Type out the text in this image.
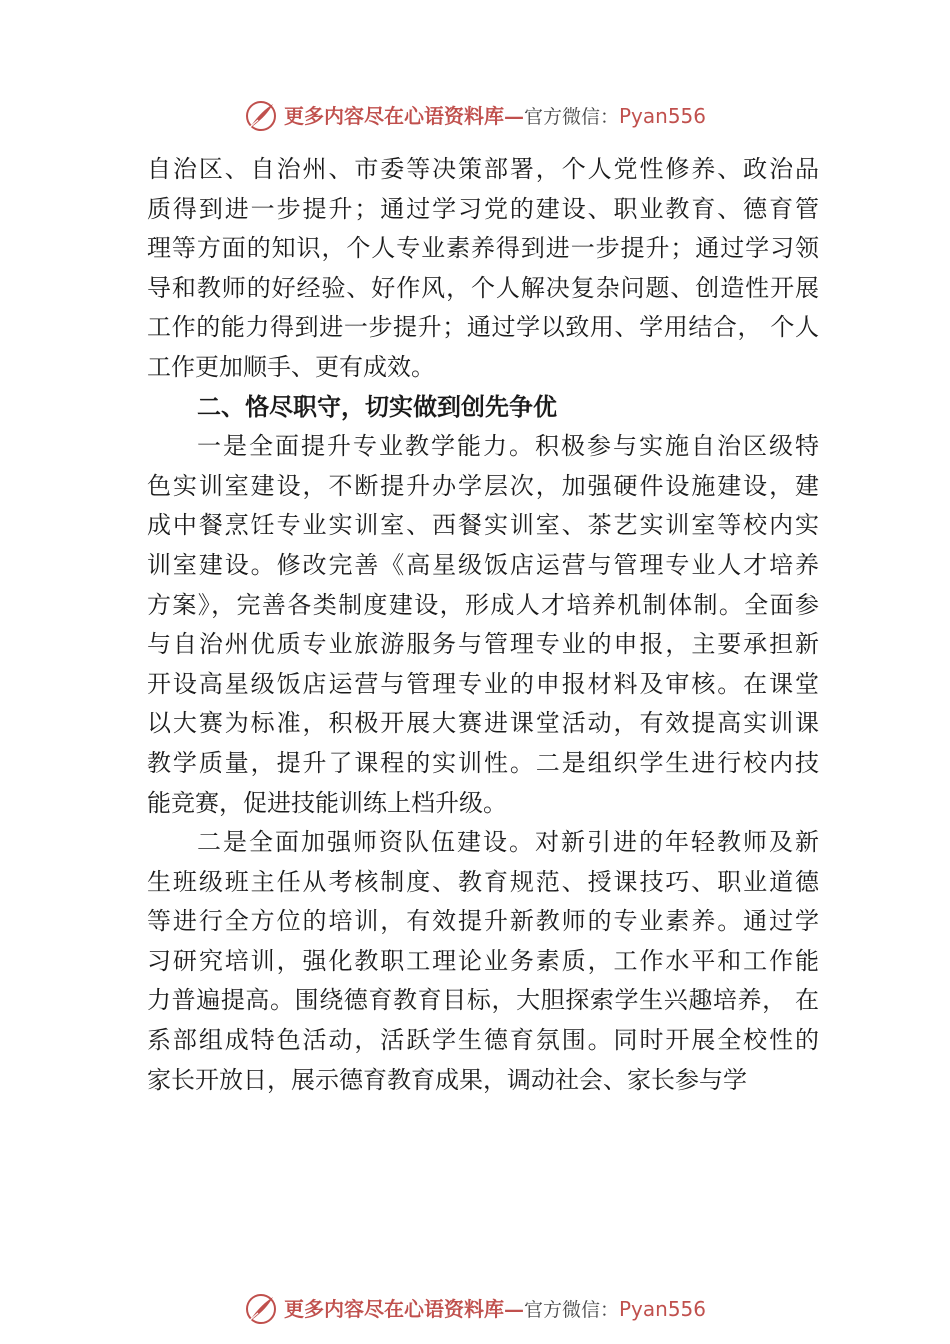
更多内容尽在心语资料库—官方微信：Pyan556
自治区、自治州、市委等决策部署，个人党性修养、政治品
质得到进一步提升；通过学习党的建设、职业教育、德育管
理等方面的知识，个人专业素养得到进一步提升；通过学习领
导和教师的好经验、好作风，个人解决复杂问题、创造性开展
工作的能力得到进一步提升；通过学以致用、学用结合， 个人
工作更加顺手、更有成效。
二、恪尽职守，切实做到创先争优
一是全面提升专业教学能力。积极参与实施自治区级特
色实训室建设，不断提升办学层次，加强硬件设施建设，建
成中餐烹饪专业实训室、西餐实训室、茶艺实训室等校内实
训室建设。修改完善《高星级饭店运营与管理专业人才培养
方案》，完善各类制度建设，形成人才培养机制体制。全面参
与自治州优质专业旅游服务与管理专业的申报，主要承担新
开设高星级饭店运营与管理专业的申报材料及审核。在课堂
以大赛为标准，积极开展大赛进课堂活动，有效提高实训课
教学质量，提升了课程的实训性。二是组织学生进行校内技
能竞赛，促进技能训练上档升级。
二是全面加强师资队伍建设。对新引进的年轻教师及新
生班级班主任从考核制度、教育规范、授课技巧、职业道德
等进行全方位的培训，有效提升新教师的专业素养。通过学
习研究培训，强化教职工理论业务素质，工作水平和工作能
力普遍提高。围绕德育教育目标，大胆探索学生兴趣培养， 在
系部组成特色活动，活跃学生德育氛围。同时开展全校性的
家长开放日，展示德育教育成果，调动社会、家长参与学
更多内容尽在心语资料库—官方微信：Pyan556
